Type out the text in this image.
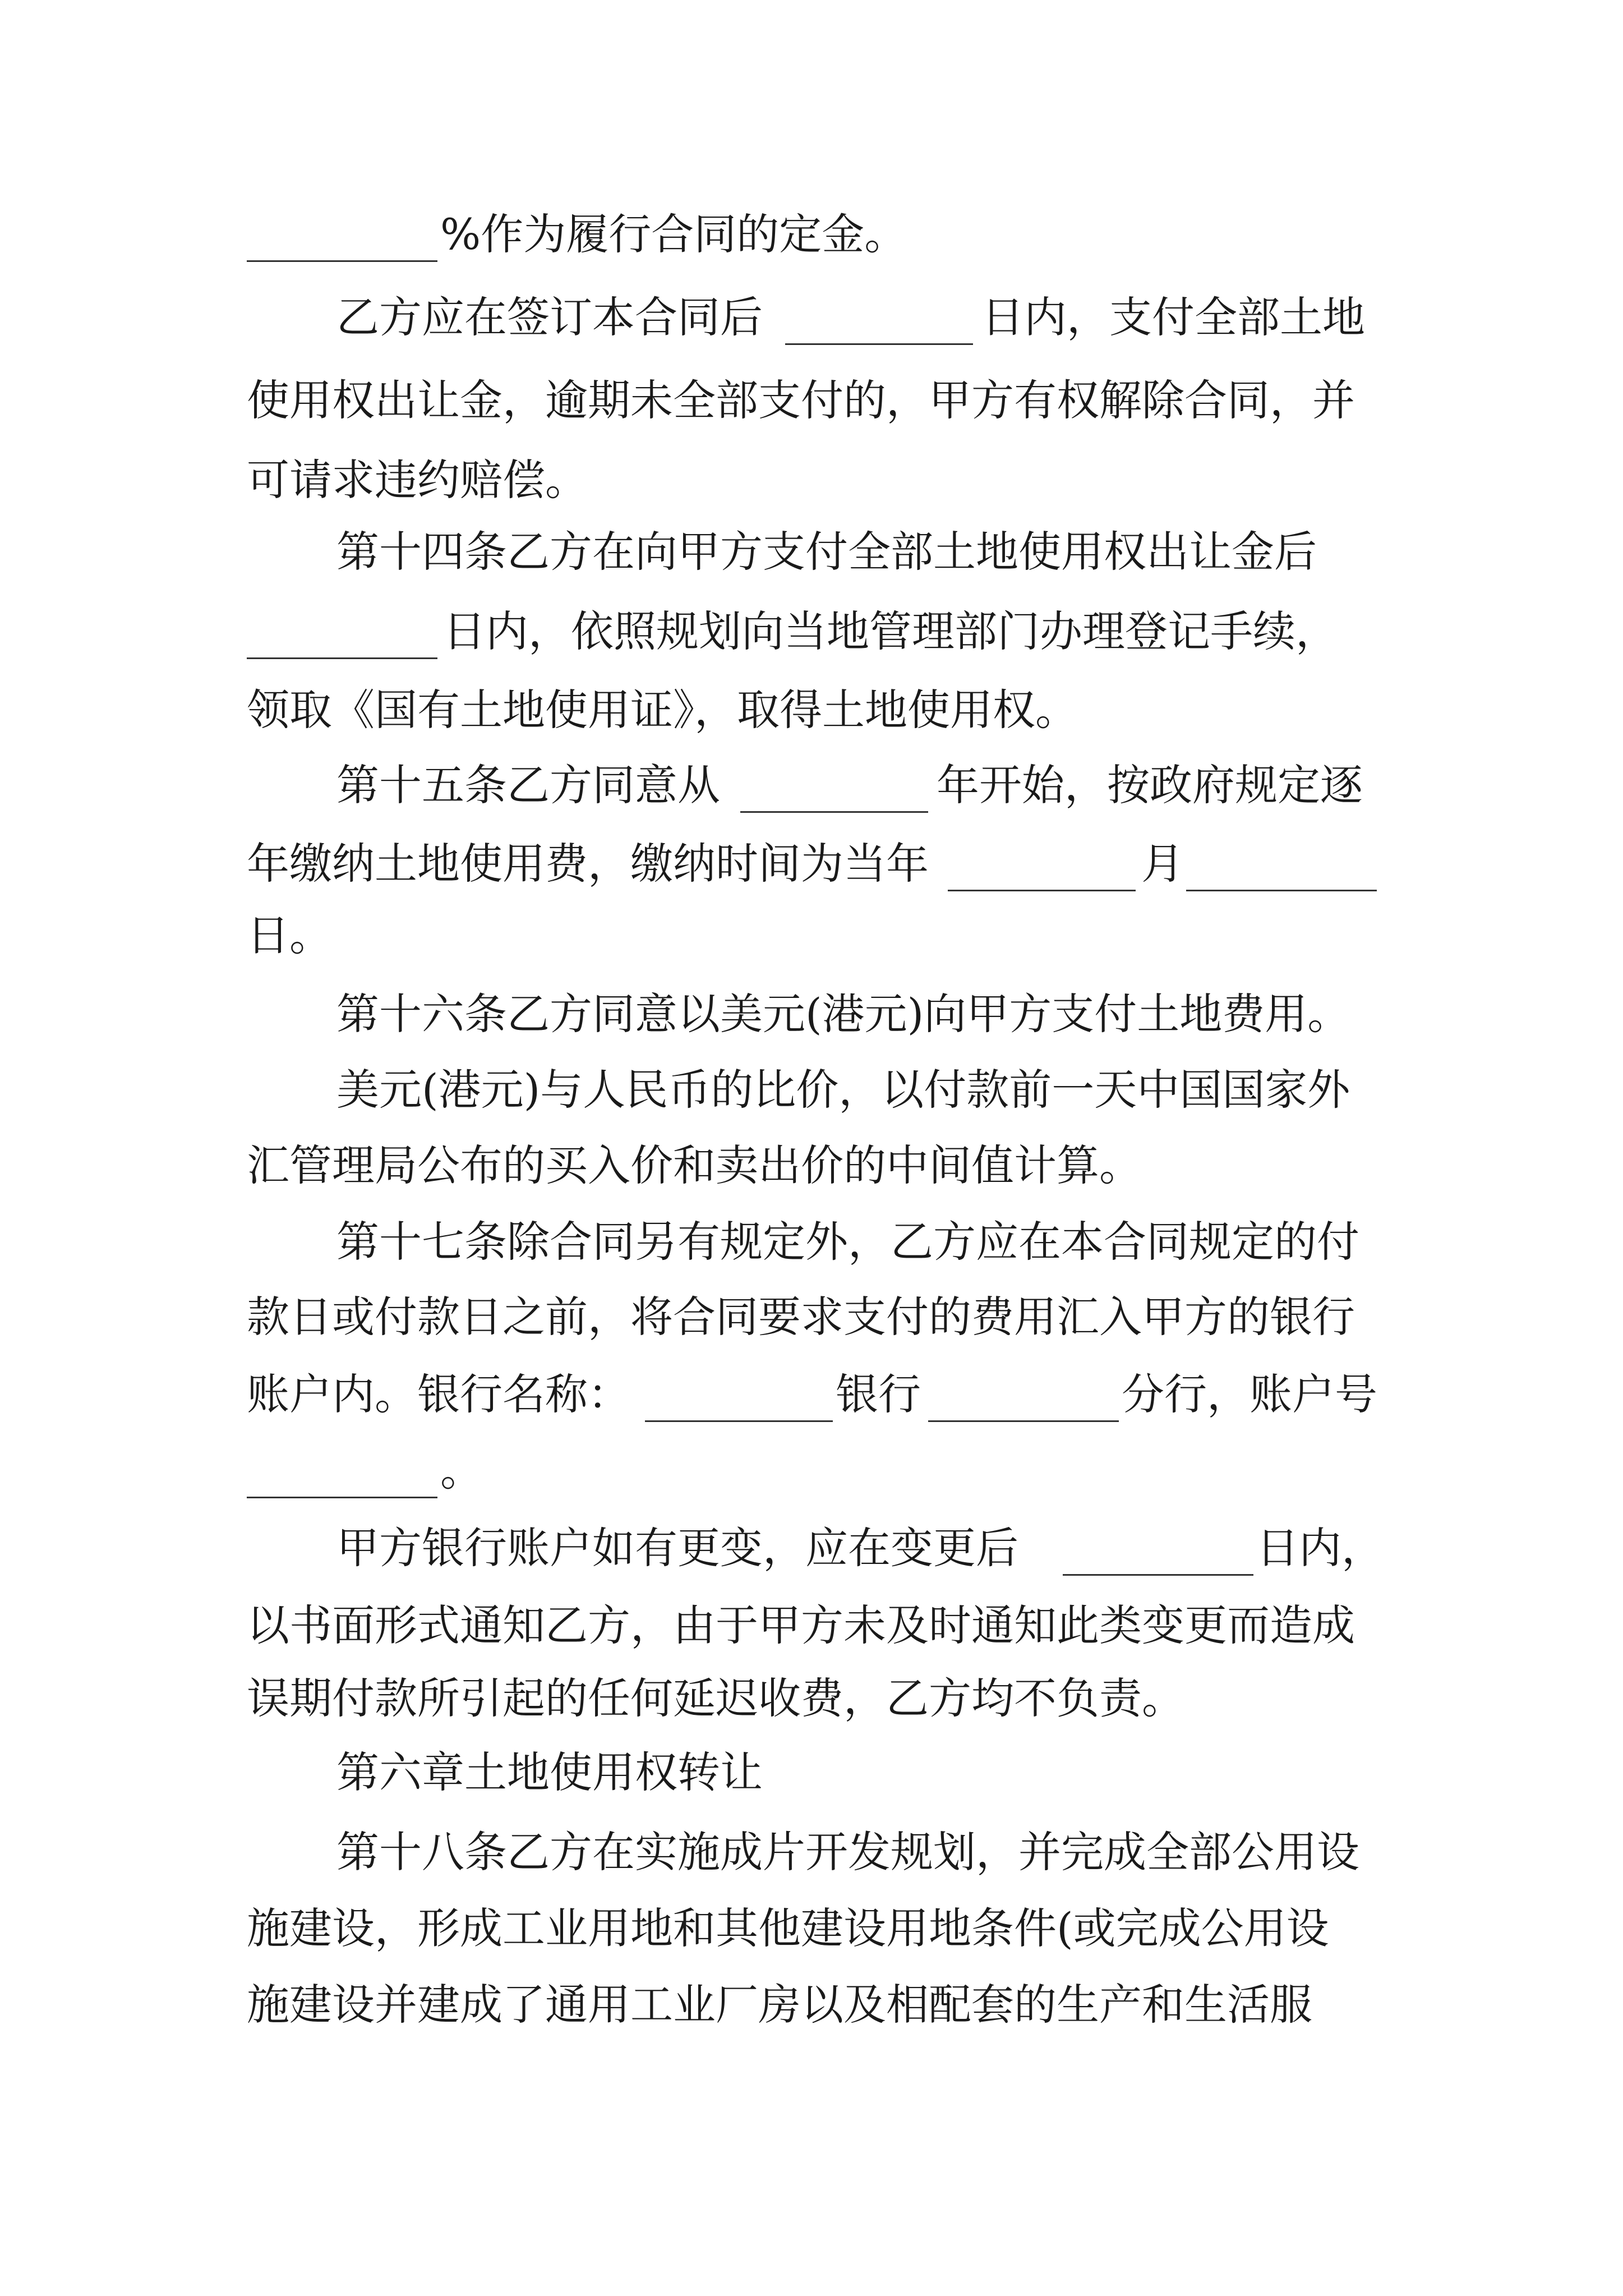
%作为履行合同的定金。
乙方应在签订本合同后	日内，支付全部土地
使用权出让金，逾期未全部支付的，甲方有权解除合同，并
可请求违约赔偿。
第十四条乙方在向甲方支付全部土地使用权出让金后
日内，依照规划向当地管理部门办理登记手续，
领取《国有土地使用证》，取得土地使用权。
第十五条乙方同意从	年开始，按政府规定逐
年缴纳土地使用费，缴纳时间为当年	月
日。
第十六条乙方同意以美元(港元)向甲方支付土地费用。
美元(港元)与人民币的比价，以付款前一天中国国家外
汇管理局公布的买入价和卖出价的中间值计算。
第十七条除合同另有规定外，乙方应在本合同规定的付
款日或付款日之前，将合同要求支付的费用汇入甲方的银行
账户内。银行名称：	银行	分行，账户号
。
甲方银行账户如有更变，应在变更后	日内，
以书面形式通知乙方，由于甲方未及时通知此类变更而造成
误期付款所引起的任何延迟收费，乙方均不负责。
第六章土地使用权转让
第十八条乙方在实施成片开发规划，并完成全部公用设
施建设，形成工业用地和其他建设用地条件(或完成公用设
施建设并建成了通用工业厂房以及相配套的生产和生活服
